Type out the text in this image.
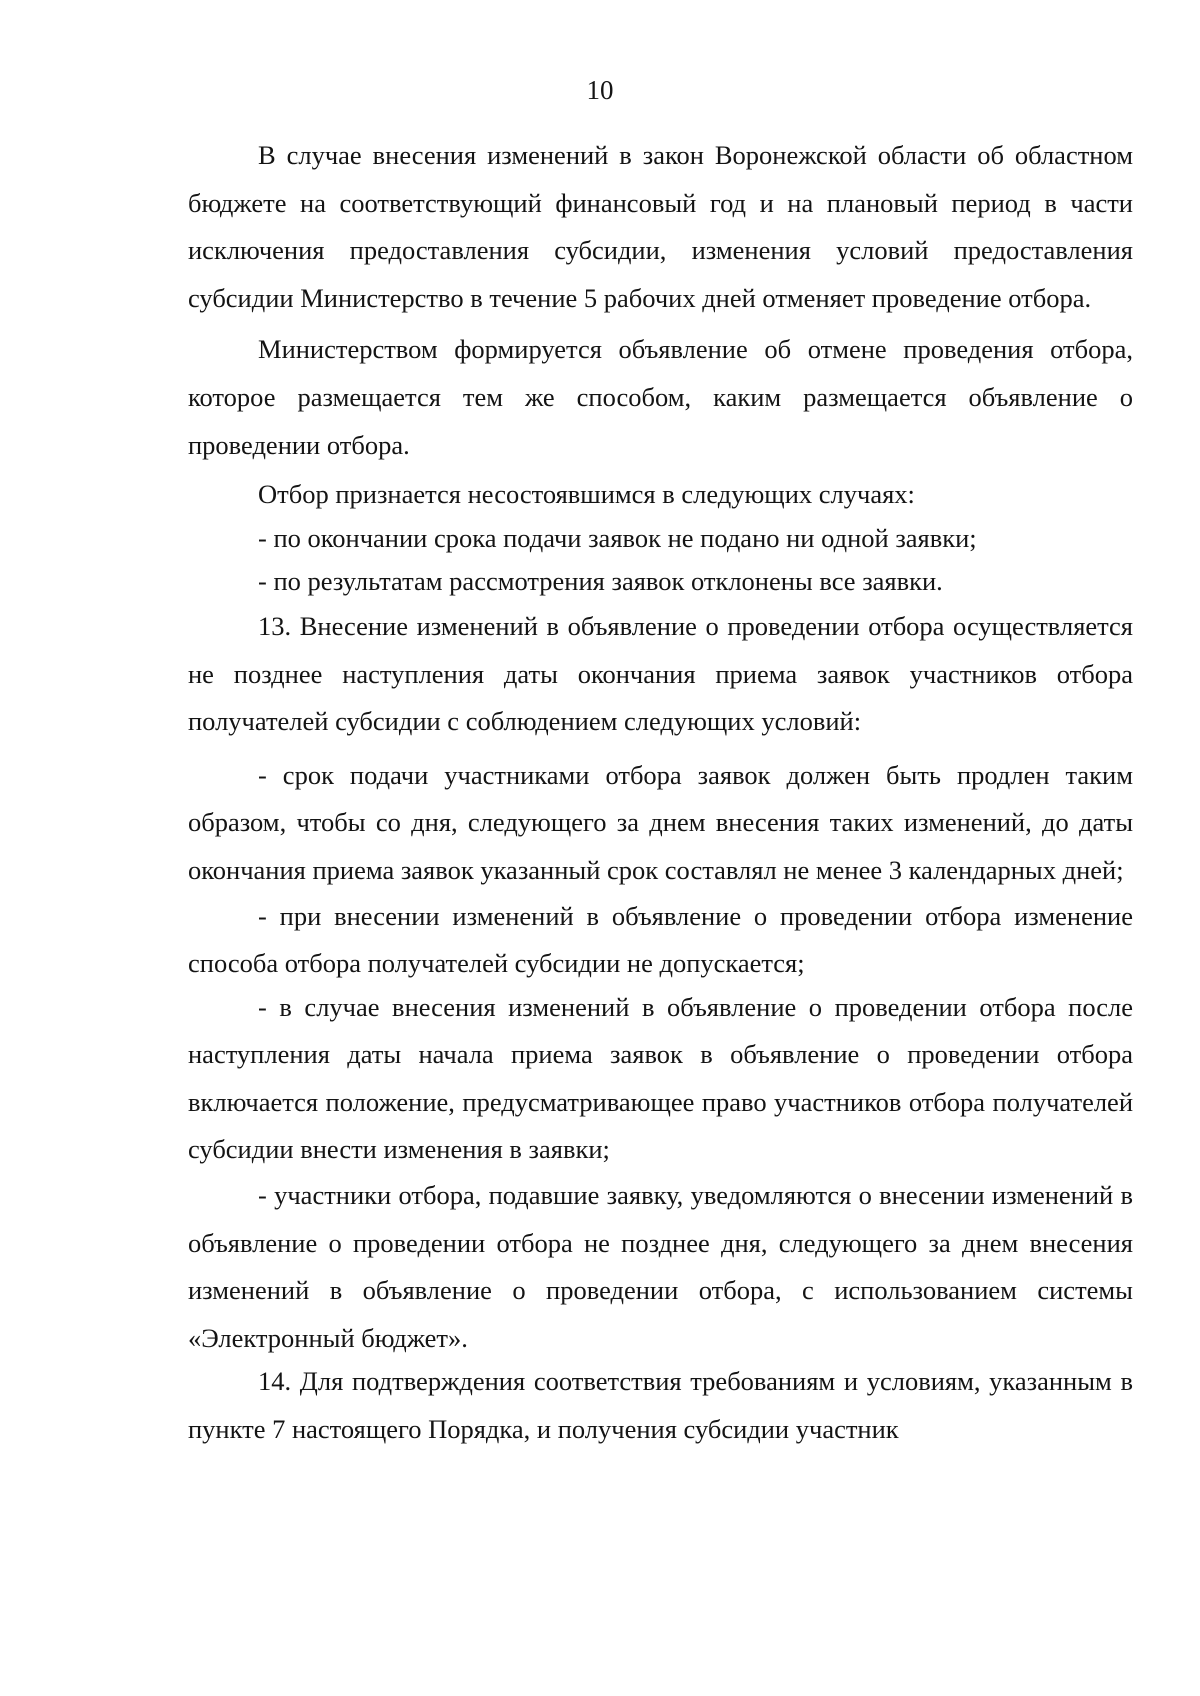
10

В случае внесения изменений в закон Воронежской области об областном бюджете на соответствующий финансовый год и на плановый период в части исключения предоставления субсидии, изменения условий предоставления субсидии Министерство в течение 5 рабочих дней отменяет проведение отбора.

Министерством формируется объявление об отмене проведения отбора, которое размещается тем же способом, каким размещается объявление о проведении отбора.

Отбор признается несостоявшимся в следующих случаях:

- по окончании срока подачи заявок не подано ни одной заявки;

- по результатам рассмотрения заявок отклонены все заявки.

13. Внесение изменений в объявление о проведении отбора осуществляется не позднее наступления даты окончания приема заявок участников отбора получателей субсидии с соблюдением следующих условий:

- срок подачи участниками отбора заявок должен быть продлен таким образом, чтобы со дня, следующего за днем внесения таких изменений, до даты окончания приема заявок указанный срок составлял не менее 3 календарных дней;

- при внесении изменений в объявление о проведении отбора изменение способа отбора получателей субсидии не допускается;

- в случае внесения изменений в объявление о проведении отбора после наступления даты начала приема заявок в объявление о проведении отбора включается положение, предусматривающее право участников отбора получателей субсидии внести изменения в заявки;

- участники отбора, подавшие заявку, уведомляются о внесении изменений в объявление о проведении отбора не позднее дня, следующего за днем внесения изменений в объявление о проведении отбора, с использованием системы «Электронный бюджет».

14. Для подтверждения соответствия требованиям и условиям, указанным в пункте 7 настоящего Порядка, и получения субсидии участник
